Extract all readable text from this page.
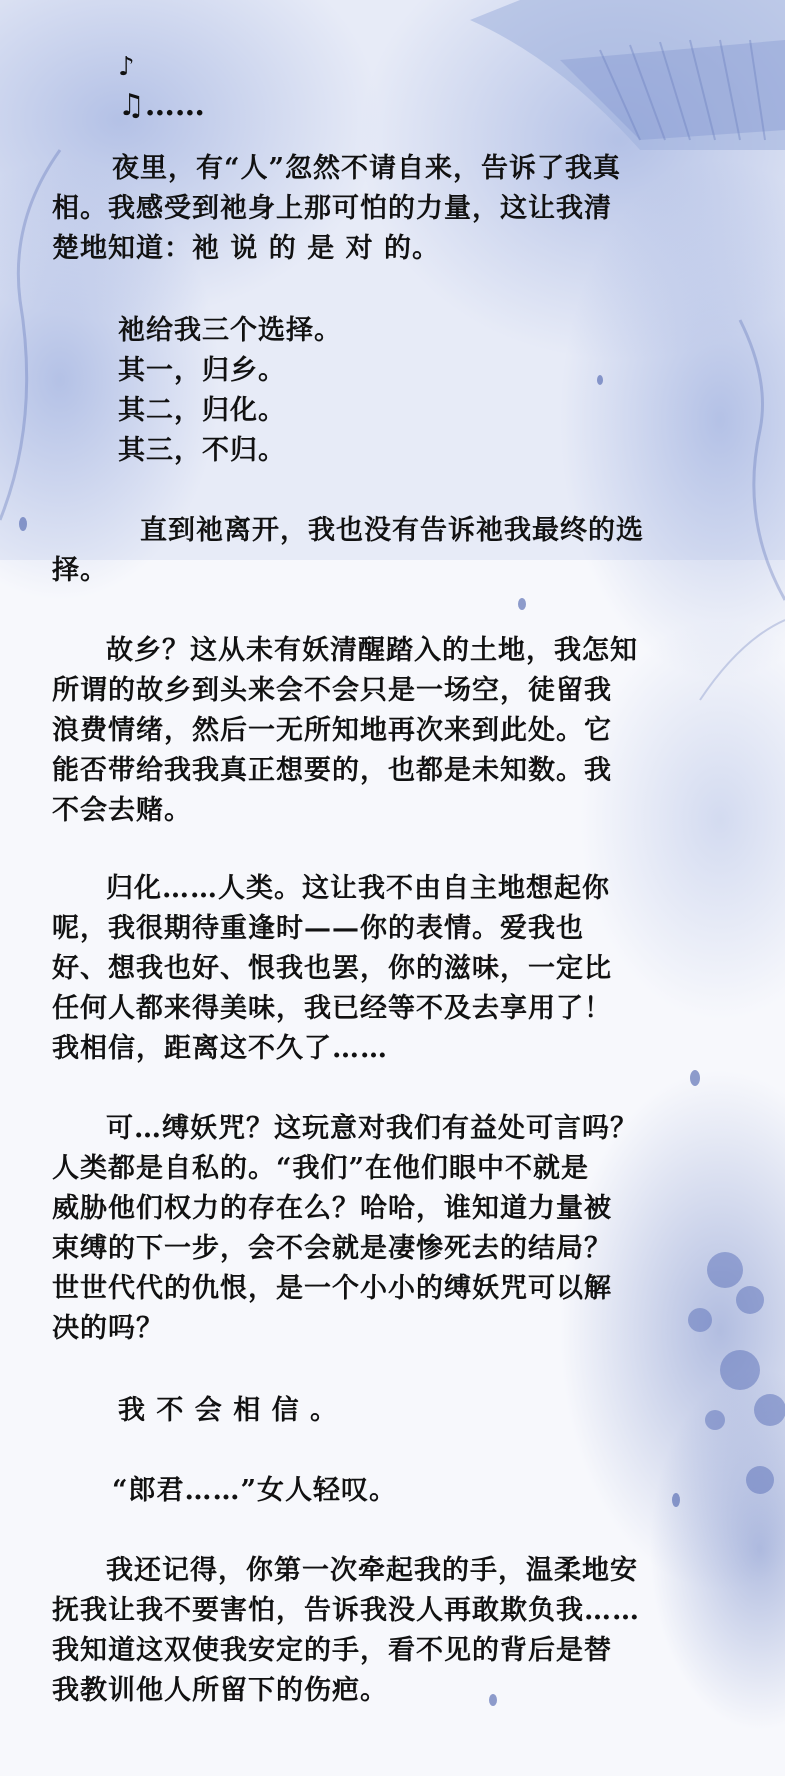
♪
♫……
夜里，有“人”忽然不请自来，告诉了我真
相。我感受到祂身上那可怕的力量，这让我清
楚地知道：祂 说 的 是 对 的。
祂给我三个选择。
其一，归乡。
其二，归化。
其三，不归。
直到祂离开，我也没有告诉祂我最终的选
择。
故乡？这从未有妖清醒踏入的土地，我怎知
所谓的故乡到头来会不会只是一场空，徒留我
浪费情绪，然后一无所知地再次来到此处。它
能否带给我我真正想要的，也都是未知数。我
不会去赌。
归化……人类。这让我不由自主地想起你
呢，我很期待重逢时——你的表情。爱我也
好、想我也好、恨我也罢，你的滋味，一定比
任何人都来得美味，我已经等不及去享用了！
我相信，距离这不久了……
可…缚妖咒？这玩意对我们有益处可言吗？
人类都是自私的。“我们”在他们眼中不就是
威胁他们权力的存在么？哈哈，谁知道力量被
束缚的下一步，会不会就是凄惨死去的结局？
世世代代的仇恨，是一个小小的缚妖咒可以解
决的吗？
我 不 会 相 信 。
“郎君……”女人轻叹。
我还记得，你第一次牵起我的手，温柔地安
抚我让我不要害怕，告诉我没人再敢欺负我……
我知道这双使我安定的手，看不见的背后是替
我教训他人所留下的伤疤。
